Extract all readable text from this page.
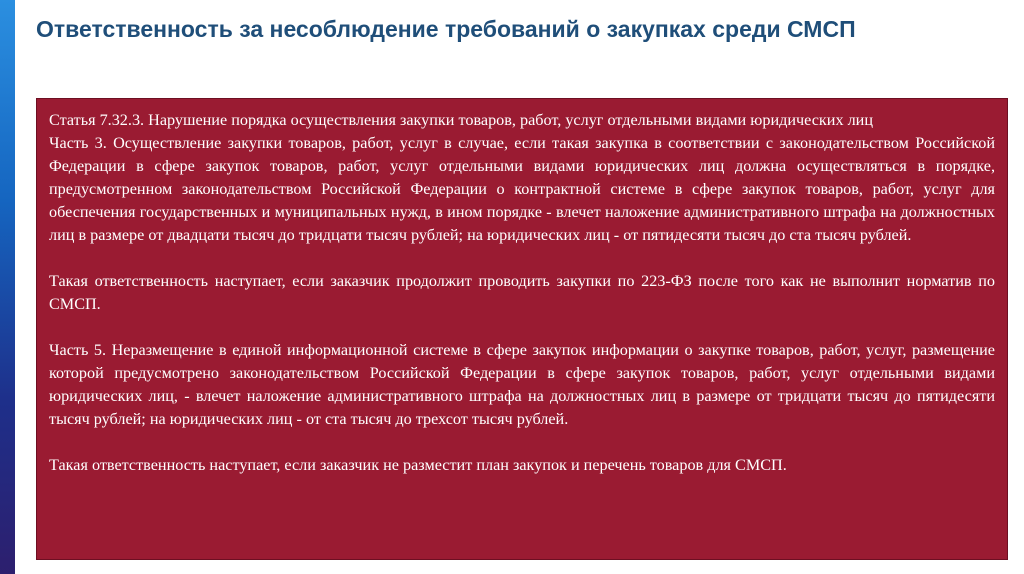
Ответственность за несоблюдение требований о закупках среди СМСП

Статья 7.32.3. Нарушение порядка осуществления закупки товаров, работ, услуг отдельными видами юридических лиц

Часть 3. Осуществление закупки товаров, работ, услуг в случае, если такая закупка в соответствии с законодательством Российской Федерации в сфере закупок товаров, работ, услуг отдельными видами юридических лиц должна осуществляться в порядке, предусмотренном законодательством Российской Федерации о контрактной системе в сфере закупок товаров, работ, услуг для обеспечения государственных и муниципальных нужд, в ином порядке - влечет наложение административного штрафа на должностных лиц в размере от двадцати тысяч до тридцати тысяч рублей; на юридических лиц - от пятидесяти тысяч до ста тысяч рублей.

Такая ответственность наступает, если заказчик продолжит проводить закупки по 223-ФЗ после того как не выполнит норматив по СМСП.

Часть 5. Неразмещение в единой информационной системе в сфере закупок информации о закупке товаров, работ, услуг, размещение которой предусмотрено законодательством Российской Федерации в сфере закупок товаров, работ, услуг отдельными видами юридических лиц, - влечет наложение административного штрафа на должностных лиц в размере от тридцати тысяч до пятидесяти тысяч рублей; на юридических лиц - от ста тысяч до трехсот тысяч рублей.

Такая ответственность наступает, если заказчик не разместит план закупок и перечень товаров для СМСП.
